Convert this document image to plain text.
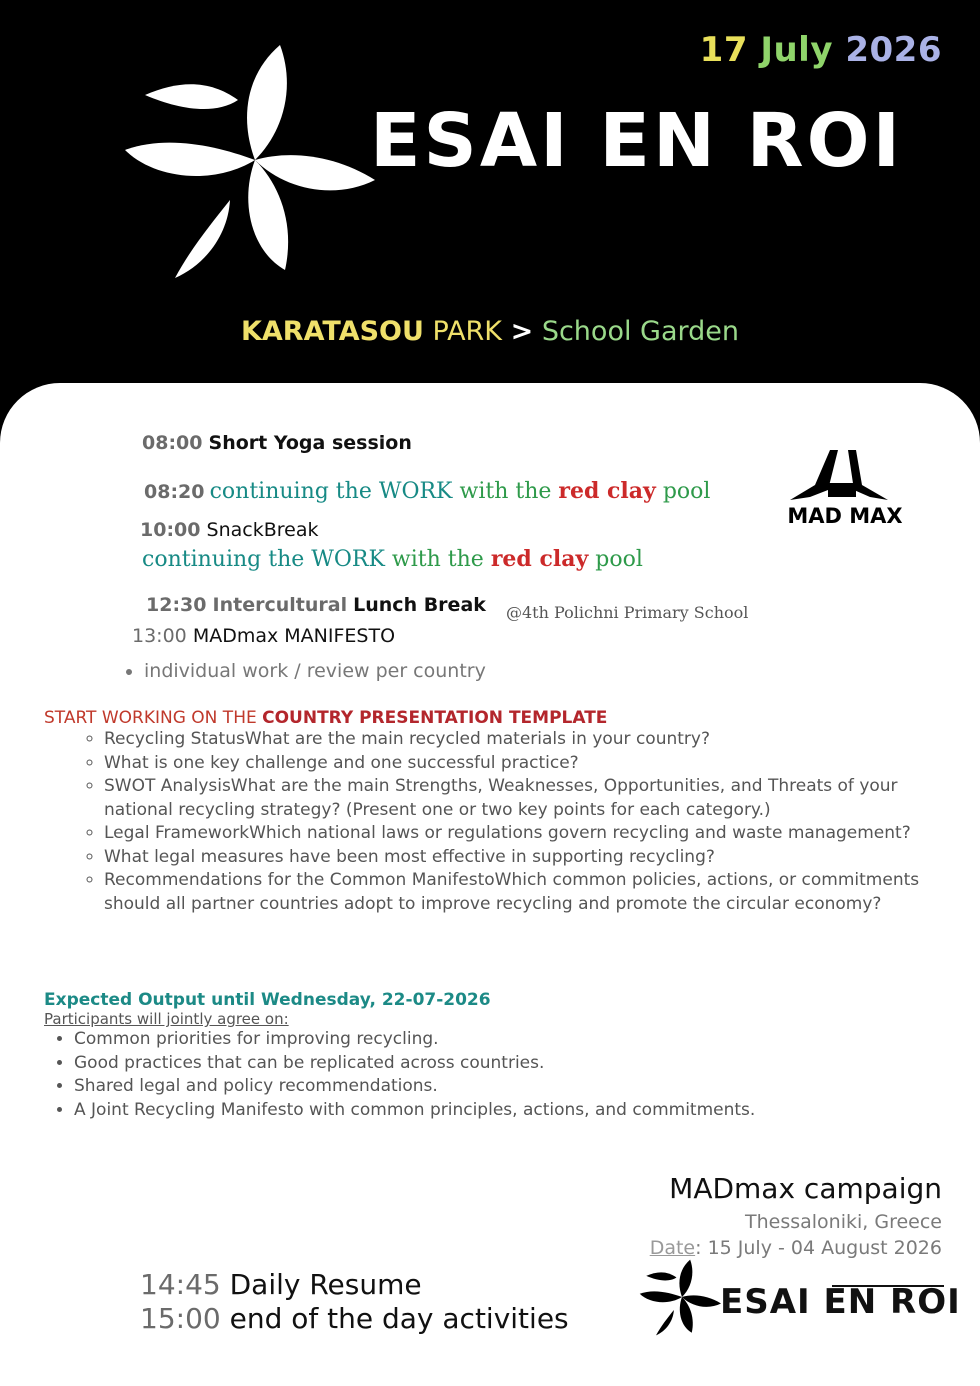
17 July 2026
ESAI EN ROI
KARATASOU PARK > School Garden
08:00 Short Yoga session
08:20 continuing the WORK with the red clay pool
MAD MAX
10:00 SnackBreak
continuing the WORK with the red clay pool
12:30 Intercultural Lunch Break @4th Polichni Primary School
13:00 MADmax MANIFESTO
• individual work / review per country
START WORKING ON THE COUNTRY PRESENTATION TEMPLATE
◦ Recycling StatusWhat are the main recycled materials in your country?
◦ What is one key challenge and one successful practice?
◦ SWOT AnalysisWhat are the main Strengths, Weaknesses, Opportunities, and Threats of your national recycling strategy? (Present one or two key points for each category.)
◦ Legal FrameworkWhich national laws or regulations govern recycling and waste management?
◦ What legal measures have been most effective in supporting recycling?
◦ Recommendations for the Common ManifestoWhich common policies, actions, or commitments should all partner countries adopt to improve recycling and promote the circular economy?
Expected Output until Wednesday, 22-07-2026
Participants will jointly agree on:
• Common priorities for improving recycling.
• Good practices that can be replicated across countries.
• Shared legal and policy recommendations.
• A Joint Recycling Manifesto with common principles, actions, and commitments.
MADmax campaign
Thessaloniki, Greece
Date: 15 July - 04 August 2026
ESAI EN ROI
14:45 Daily Resume
15:00 end of the day activities
